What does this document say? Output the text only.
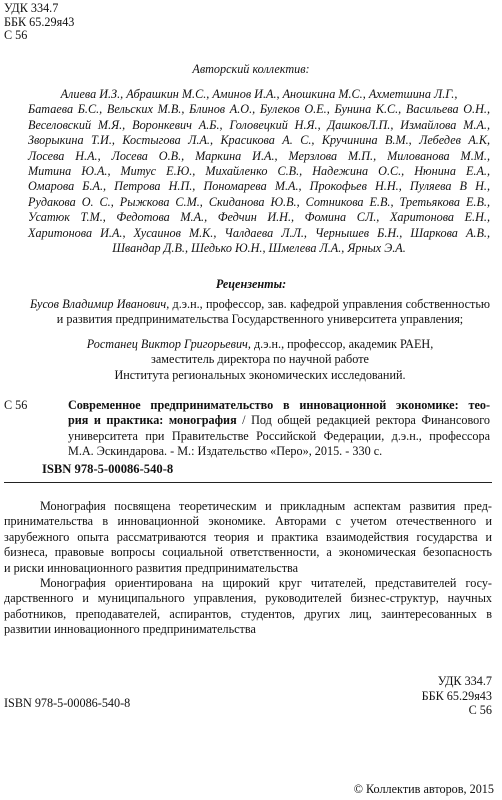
УДК 334.7
ББК 65.29я43
С 56
Авторский коллектив:
Алиева И.З., Абрашкин М.С., Аминов И.А., Аношкина М.С., Ахметшина Л.Г.,
Батаева Б.С., Вельских М.В., Блинов А.О., Булеков О.Е., Бунина К.С., Васильева О.Н.,
Веселовский М.Я., Воронкевич А.Б., Головецкий Н.Я., ДашковЛ.П., Измайлова М.А.,
Зворыкина Т.И., Костыгова Л.А., Красикова А. С., Кручинина В.М., Лебедев А.К,
Лосева Н.А., Лосева О.В., Маркина И.А., Мерзлова М.П., Милованова М.М.,
Митина Ю.А., Митус Е.Ю., Михайленко С.В., Надежина О.С., Нюнина Е.А.,
Омарова Б.А., Петрова Н.П., Пономарева М.А., Прокофьев Н.Н., Пуляева В Н.,
Рудакова О. С., Рыжкова С.М., Скиданова Ю.В., Сотникова Е.В., Третьякова Е.В.,
Усатюк Т.М., Федотова М.А., Федчин И.Н., Фомина СЛ., Харитонова Е.Н.,
Харитонова И.А., Хусаинов М.К., Чалдаева Л.Л., Чернышев Б.Н., Шаркова А.В.,
Швандар Д.В., Шедько Ю.Н., Шмелева Л.А., Ярных Э.А.
Рецензенты:
Бусов Владимир Иванович, д.э.н., профессор, зав. кафедрой управления собственностью
и развития предпринимательства Государственного университета управления;
Ростанец Виктор Григорьевич, д.э.н., профессор, академик РАЕН,
заместитель директора по научной работе
Института региональных экономических исследований.
С 56	Современное предпринимательство в инновационной экономике: тео-
рия и практика: монография / Под общей редакцией ректора Финансового
университета при Правительстве Российской Федерации, д.э.н., профессора
М.А. Эскиндарова. - М.: Издательство «Перо», 2015. - 330 с.
ISBN 978-5-00086-540-8
Монография посвящена теоретическим и прикладным аспектам развития пред-
принимательства в инновационной экономике. Авторами с учетом отечественного и
зарубежного опыта рассматриваются теория и практика взаимодействия государства и
бизнеса, правовые вопросы социальной ответственности, а экономическая безопасность
и риски инновационного развития предпринимательства
Монография ориентирована на щирокий круг читателей, представителей госу-
дарственного и муниципального управления, руководителей бизнес-структур, научных
работников, преподавателей, аспирантов, студентов, других лиц, заинтересованных в
развитии инновационного предпринимательства
ISBN 978-5-00086-540-8
УДК 334.7
ББК 65.29я43
С 56
© Коллектив авторов, 2015
